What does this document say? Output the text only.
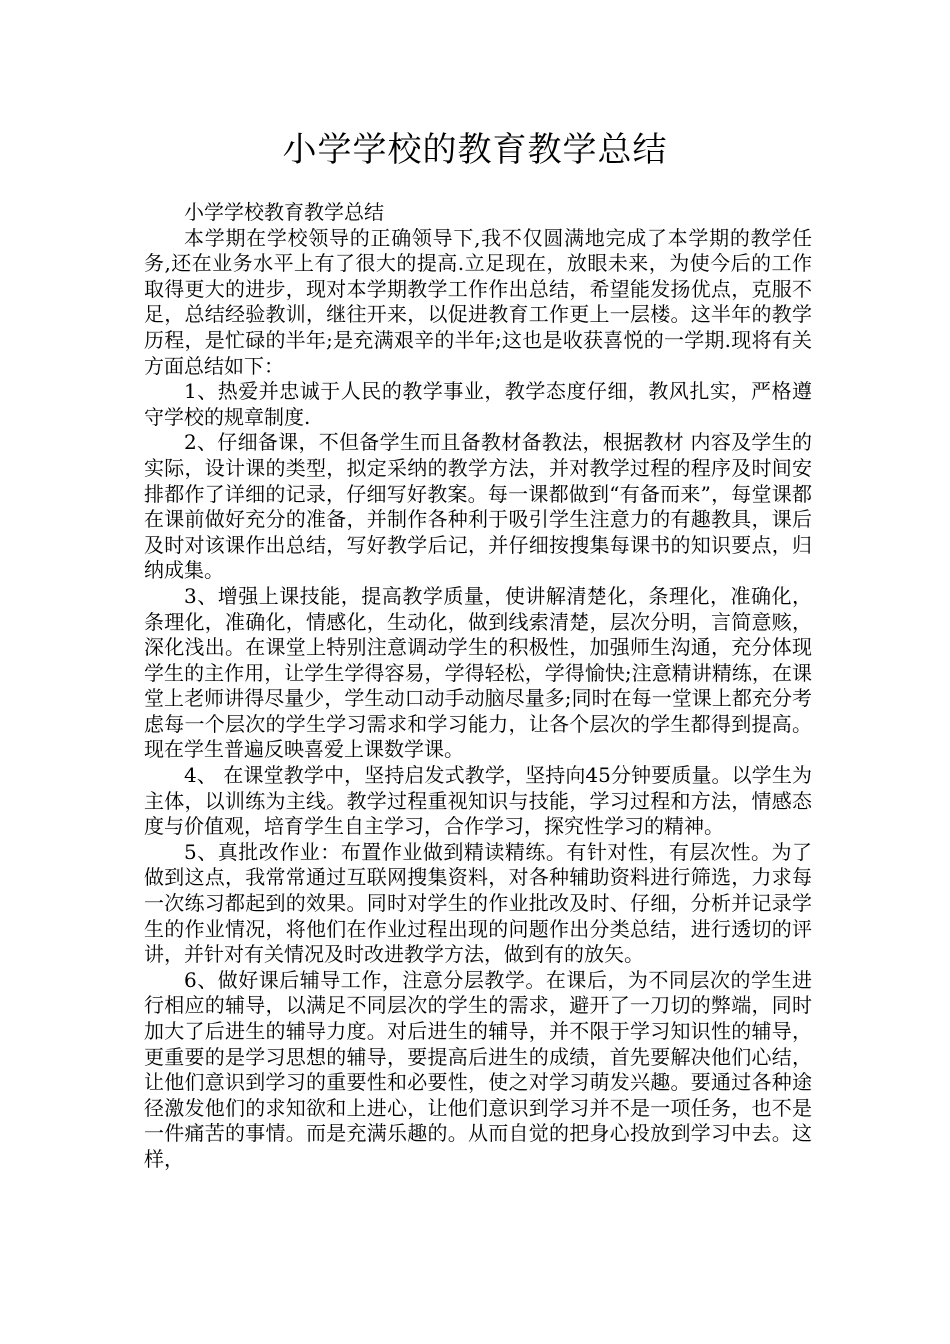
小学学校的教育教学总结

小学学校教育教学总结

本学期在学校领导的正确领导下,我不仅圆满地完成了本学期的教学任务,还在业务水平上有了很大的提高.立足现在，放眼未来，为使今后的工作取得更大的进步，现对本学期教学工作作出总结，希望能发扬优点，克服不足，总结经验教训，继往开来，以促进教育工作更上一层楼。这半年的教学历程，是忙碌的半年;是充满艰辛的半年;这也是收获喜悦的一学期.现将有关方面总结如下：

1、热爱并忠诚于人民的教学事业，教学态度仔细，教风扎实，严格遵守学校的规章制度.

2、仔细备课，不但备学生而且备教材备教法，根据教材 内容及学生的实际，设计课的类型，拟定采纳的教学方法，并对教学过程的程序及时间安排都作了详细的记录，仔细写好教案。每一课都做到“有备而来”，每堂课都在课前做好充分的准备，并制作各种利于吸引学生注意力的有趣教具，课后及时对该课作出总结，写好教学后记，并仔细按搜集每课书的知识要点，归纳成集。

3、增强上课技能，提高教学质量，使讲解清楚化，条理化，准确化，条理化，准确化，情感化，生动化，做到线索清楚，层次分明，言简意赅，深化浅出。在课堂上特别注意调动学生的积极性，加强师生沟通，充分体现学生的主作用，让学生学得容易，学得轻松，学得愉快;注意精讲精练，在课堂上老师讲得尽量少，学生动口动手动脑尽量多;同时在每一堂课上都充分考虑每一个层次的学生学习需求和学习能力，让各个层次的学生都得到提高。现在学生普遍反映喜爱上课数学课。

4、 在课堂教学中，坚持启发式教学，坚持向45分钟要质量。以学生为主体，以训练为主线。教学过程重视知识与技能，学习过程和方法，情感态度与价值观，培育学生自主学习，合作学习，探究性学习的精神。

5、真批改作业：布置作业做到精读精练。有针对性，有层次性。为了做到这点，我常常通过互联网搜集资料，对各种辅助资料进行筛选，力求每一次练习都起到的效果。同时对学生的作业批改及时、仔细，分析并记录学生的作业情况，将他们在作业过程出现的问题作出分类总结，进行透切的评讲，并针对有关情况及时改进教学方法，做到有的放矢。

6、做好课后辅导工作，注意分层教学。在课后，为不同层次的学生进行相应的辅导，以满足不同层次的学生的需求，避开了一刀切的弊端，同时加大了后进生的辅导力度。对后进生的辅导，并不限于学习知识性的辅导，更重要的是学习思想的辅导，要提高后进生的成绩，首先要解决他们心结，让他们意识到学习的重要性和必要性，使之对学习萌发兴趣。要通过各种途径激发他们的求知欲和上进心，让他们意识到学习并不是一项任务，也不是一件痛苦的事情。而是充满乐趣的。从而自觉的把身心投放到学习中去。这样，
